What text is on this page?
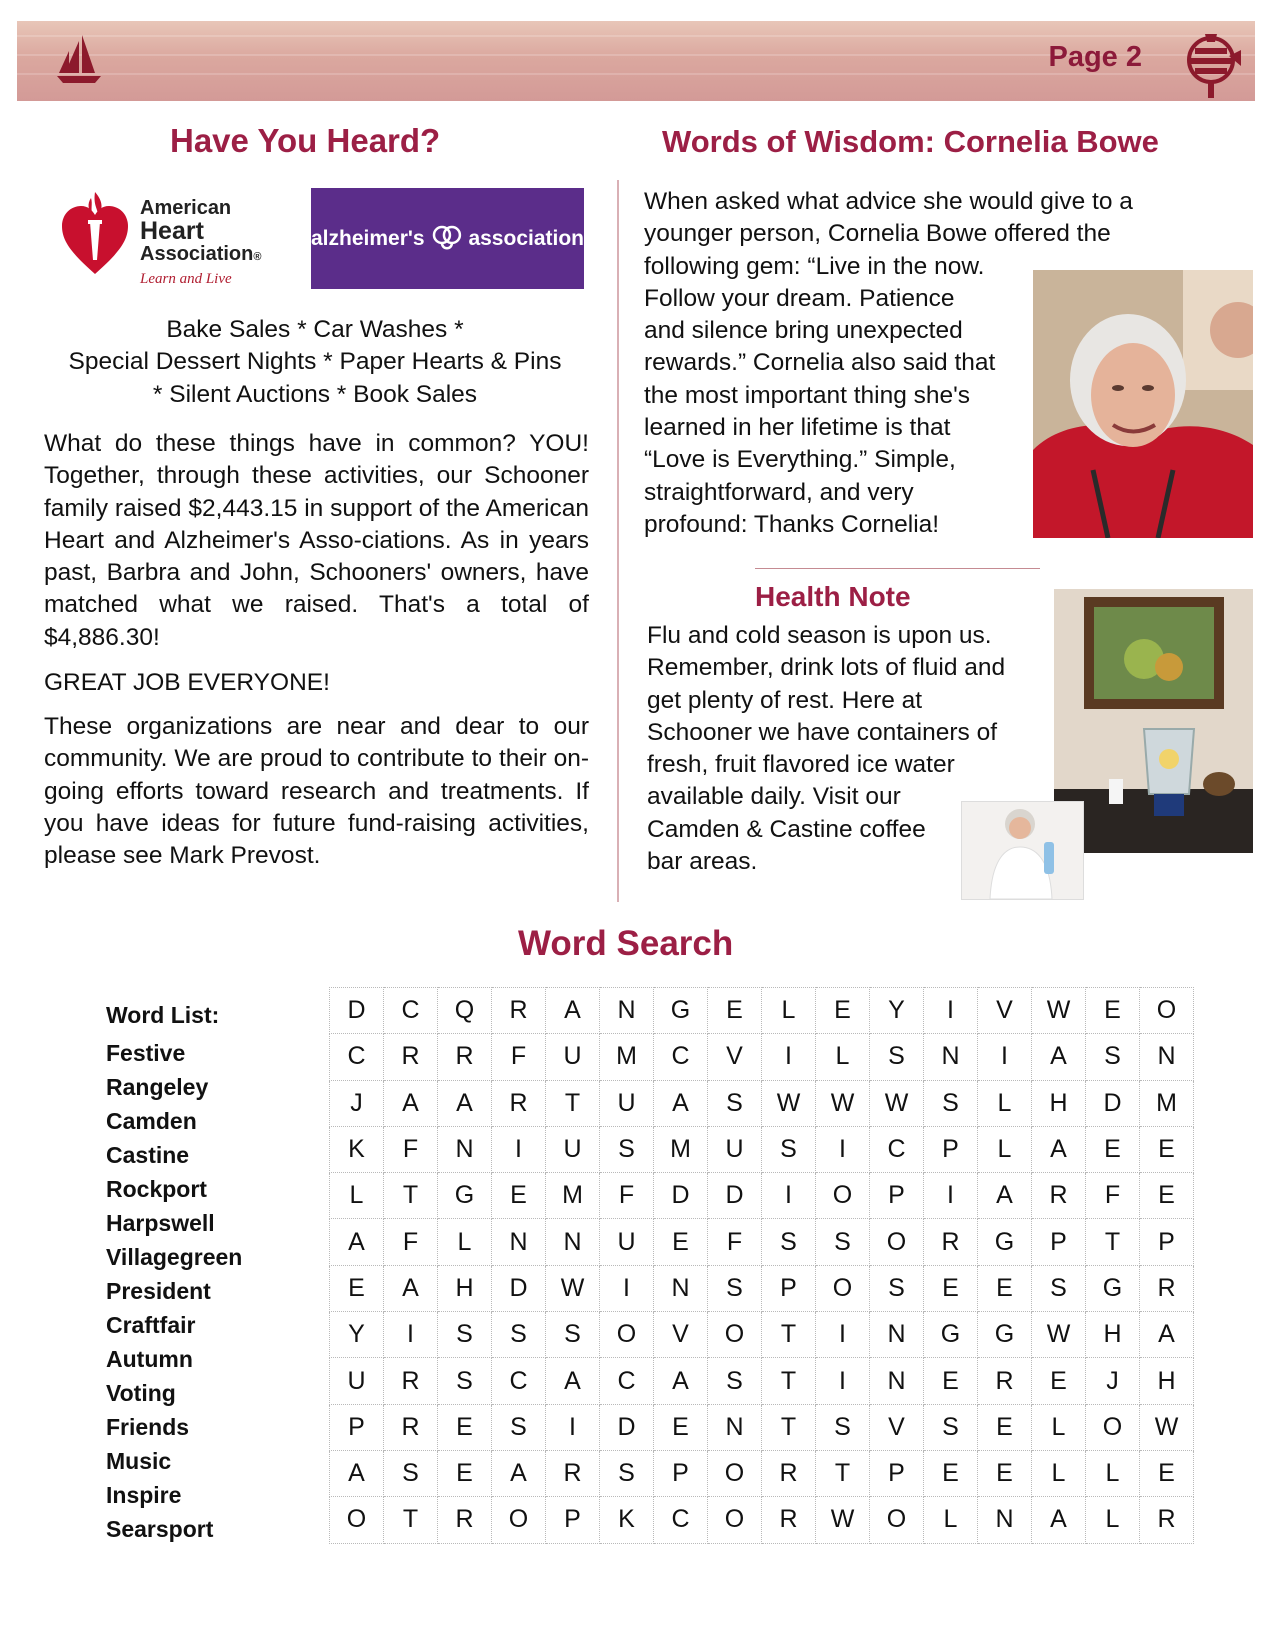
Page 2
Have You Heard?
American
Heart
Association®
Learn and Live
alzheimer's association
Bake Sales * Car Washes *
Special Dessert Nights * Paper Hearts & Pins
* Silent Auctions * Book Sales
What do these things have in common? YOU! Together, through these activities, our Schooner family raised $2,443.15 in support of the American Heart and Alzheimer's Asso-ciations. As in years past, Barbra and John, Schooners' owners, have matched what we raised. That's a total of $4,886.30!
GREAT JOB EVERYONE!
These organizations are near and dear to our community. We are proud to contribute to their on-going efforts toward research and treatments. If you have ideas for future fund-raising activities, please see Mark Prevost.
Words of Wisdom: Cornelia Bowe
When asked what advice she would give to a
younger person, Cornelia Bowe offered the
following gem: “Live in the now.
Follow your dream. Patience
and silence bring unexpected
rewards.” Cornelia also said that
the most important thing she's
learned in her lifetime is that
“Love is Everything.” Simple,
straightforward, and very
profound: Thanks Cornelia!
Health Note
Flu and cold season is upon us.
Remember, drink lots of fluid and
get plenty of rest. Here at
Schooner we have containers of
fresh, fruit flavored ice water
available daily. Visit our
Camden & Castine coffee
bar areas.
Word Search
Word List:
Festive
Rangeley
Camden
Castine
Rockport
Harpswell
Villagegreen
President
Craftfair
Autumn
Voting
Friends
Music
Inspire
Searsport
D	C	Q	R	A	N	G	E	L	E	Y	I	V	W	E	O
C	R	R	F	U	M	C	V	I	L	S	N	I	A	S	N
J	A	A	R	T	U	A	S	W	W	W	S	L	H	D	M
K	F	N	I	U	S	M	U	S	I	C	P	L	A	E	E
L	T	G	E	M	F	D	D	I	O	P	I	A	R	F	E
A	F	L	N	N	U	E	F	S	S	O	R	G	P	T	P
E	A	H	D	W	I	N	S	P	O	S	E	E	S	G	R
Y	I	S	S	S	O	V	O	T	I	N	G	G	W	H	A
U	R	S	C	A	C	A	S	T	I	N	E	R	E	J	H
P	R	E	S	I	D	E	N	T	S	V	S	E	L	O	W
A	S	E	A	R	S	P	O	R	T	P	E	E	L	L	E
O	T	R	O	P	K	C	O	R	W	O	L	N	A	L	R
